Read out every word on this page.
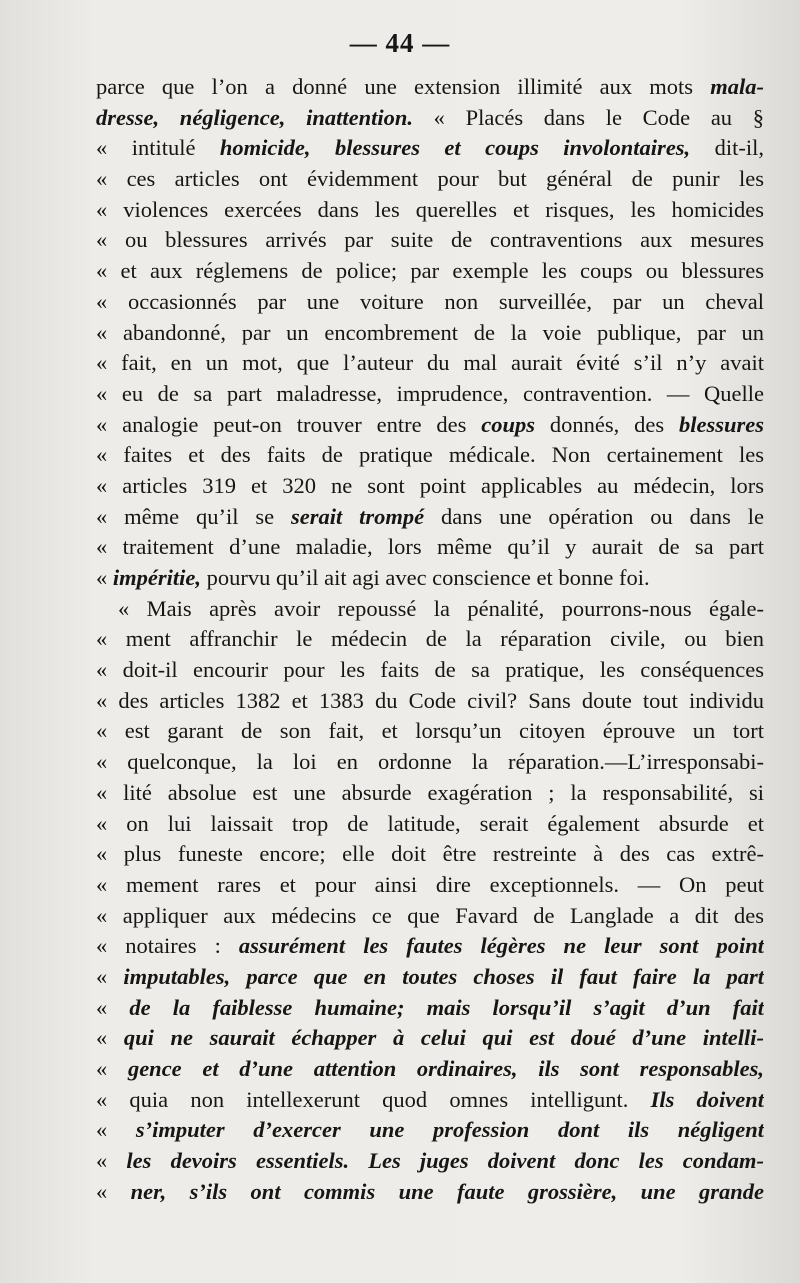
— 44 —
parce que l’on a donné une extension illimité aux mots mala-
dresse, négligence, inattention. « Placés dans le Code au §
« intitulé homicide, blessures et coups involontaires, dit-il,
« ces articles ont évidemment pour but général de punir les
« violences exercées dans les querelles et risques, les homicides
« ou blessures arrivés par suite de contraventions aux mesures
« et aux réglemens de police; par exemple les coups ou blessures
« occasionnés par une voiture non surveillée, par un cheval
« abandonné, par un encombrement de la voie publique, par un
« fait, en un mot, que l’auteur du mal aurait évité s’il n’y avait
« eu de sa part maladresse, imprudence, contravention. — Quelle
« analogie peut-on trouver entre des coups donnés, des blessures
« faites et des faits de pratique médicale. Non certainement les
« articles 319 et 320 ne sont point applicables au médecin, lors
« même qu’il se serait trompé dans une opération ou dans le
« traitement d’une maladie, lors même qu’il y aurait de sa part
« impéritie, pourvu qu’il ait agi avec conscience et bonne foi.
« Mais après avoir repoussé la pénalité, pourrons-nous égale-
« ment affranchir le médecin de la réparation civile, ou bien
« doit-il encourir pour les faits de sa pratique, les conséquences
« des articles 1382 et 1383 du Code civil? Sans doute tout individu
« est garant de son fait, et lorsqu’un citoyen éprouve un tort
« quelconque, la loi en ordonne la réparation.—L’irresponsabi-
« lité absolue est une absurde exagération ; la responsabilité, si
« on lui laissait trop de latitude, serait également absurde et
« plus funeste encore; elle doit être restreinte à des cas extrê-
« mement rares et pour ainsi dire exceptionnels. — On peut
« appliquer aux médecins ce que Favard de Langlade a dit des
« notaires : assurément les fautes légères ne leur sont point
« imputables, parce que en toutes choses il faut faire la part
« de la faiblesse humaine; mais lorsqu’il s’agit d’un fait
« qui ne saurait échapper à celui qui est doué d’une intelli-
« gence et d’une attention ordinaires, ils sont responsables,
« quia non intellexerunt quod omnes intelligunt. Ils doivent
« s’imputer d’exercer une profession dont ils négligent
« les devoirs essentiels. Les juges doivent donc les condam-
« ner, s’ils ont commis une faute grossière, une grande
